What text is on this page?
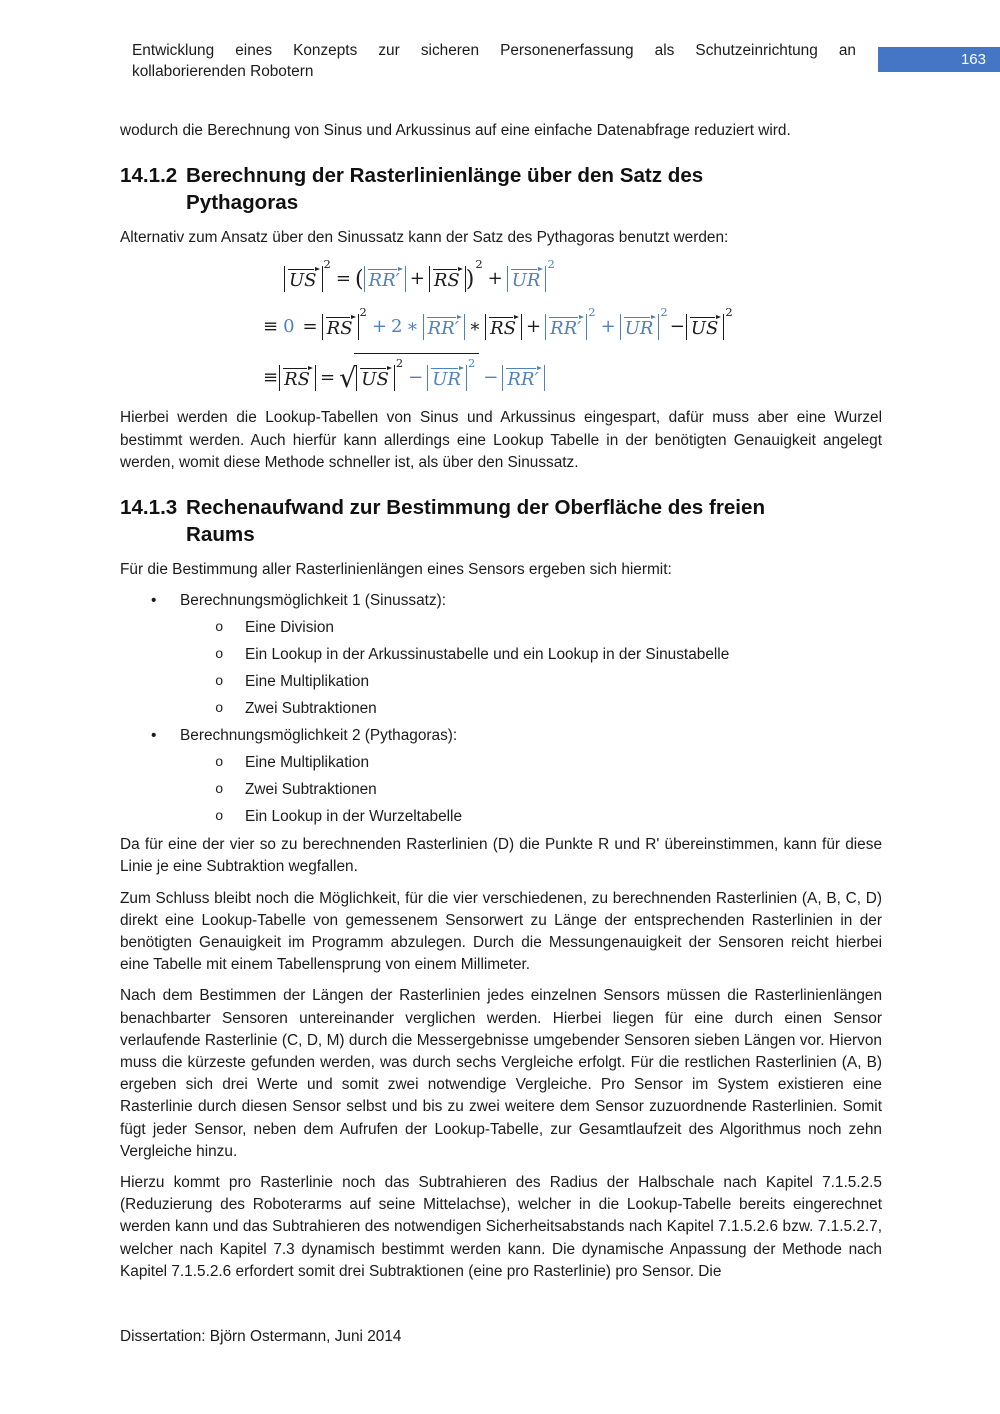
Entwicklung eines Konzepts zur sicheren Personenerfassung als Schutzeinrichtung an
kollaborierenden Robotern
163

wodurch die Berechnung von Sinus und Arkussinus auf eine einfache Datenabfrage reduziert wird.

14.1.2 Berechnung der Rasterlinienlänge über den Satz des
Pythagoras

Alternativ zum Ansatz über den Sinussatz kann der Satz des Pythagoras benutzt werden:

$US^2=$ ( RR′ + RS )$^2+ UR^2$
≡ $0 = RS^2+ 2$ ∗ RR′ ∗ RS + $RR'^2+ UR^2- US^2$
≡ RS = √ $US^2- UR^2- RR'$

Hierbei werden die Lookup-Tabellen von Sinus und Arkussinus eingespart, dafür muss aber eine Wurzel bestimmt werden. Auch hierfür kann allerdings eine Lookup Tabelle in der benötigten Genauigkeit angelegt werden, womit diese Methode schneller ist, als über den Sinussatz.

14.1.3 Rechenaufwand zur Bestimmung der Oberfläche des freien
Raums

Für die Bestimmung aller Rasterlinienlängen eines Sensors ergeben sich hiermit:

•	Berechnungsmöglichkeit 1 (Sinussatz):
o	Eine Division
o	Ein Lookup in der Arkussinustabelle und ein Lookup in der Sinustabelle
o	Eine Multiplikation
o	Zwei Subtraktionen
•	Berechnungsmöglichkeit 2 (Pythagoras):
o	Eine Multiplikation
o	Zwei Subtraktionen
o	Ein Lookup in der Wurzeltabelle

Da für eine der vier so zu berechnenden Rasterlinien (D) die Punkte R und R' übereinstimmen, kann für diese Linie je eine Subtraktion wegfallen.

Zum Schluss bleibt noch die Möglichkeit, für die vier verschiedenen, zu berechnenden Rasterlinien (A, B, C, D) direkt eine Lookup-Tabelle von gemessenem Sensorwert zu Länge der entsprechenden Rasterlinien in der benötigten Genauigkeit im Programm abzulegen. Durch die Messungenauigkeit der Sensoren reicht hierbei eine Tabelle mit einem Tabellensprung von einem Millimeter.

Nach dem Bestimmen der Längen der Rasterlinien jedes einzelnen Sensors müssen die Rasterlinienlängen benachbarter Sensoren untereinander verglichen werden. Hierbei liegen für eine durch einen Sensor verlaufende Rasterlinie (C, D, M) durch die Messergebnisse umgebender Sensoren sieben Längen vor. Hiervon muss die kürzeste gefunden werden, was durch sechs Vergleiche erfolgt. Für die restlichen Rasterlinien (A, B) ergeben sich drei Werte und somit zwei notwendige Vergleiche. Pro Sensor im System existieren eine Rasterlinie durch diesen Sensor selbst und bis zu zwei weitere dem Sensor zuzuordnende Rasterlinien. Somit fügt jeder Sensor, neben dem Aufrufen der Lookup-Tabelle, zur Gesamtlaufzeit des Algorithmus noch zehn Vergleiche hinzu.

Hierzu kommt pro Rasterlinie noch das Subtrahieren des Radius der Halbschale nach Kapitel 7.1.5.2.5 (Reduzierung des Roboterarms auf seine Mittelachse), welcher in die Lookup-Tabelle bereits eingerechnet werden kann und das Subtrahieren des notwendigen Sicherheitsabstands nach Kapitel 7.1.5.2.6 bzw. 7.1.5.2.7, welcher nach Kapitel 7.3 dynamisch bestimmt werden kann. Die dynamische Anpassung der Methode nach Kapitel 7.1.5.2.6 erfordert somit drei Subtraktionen (eine pro Rasterlinie) pro Sensor. Die

Dissertation: Björn Ostermann, Juni 2014
